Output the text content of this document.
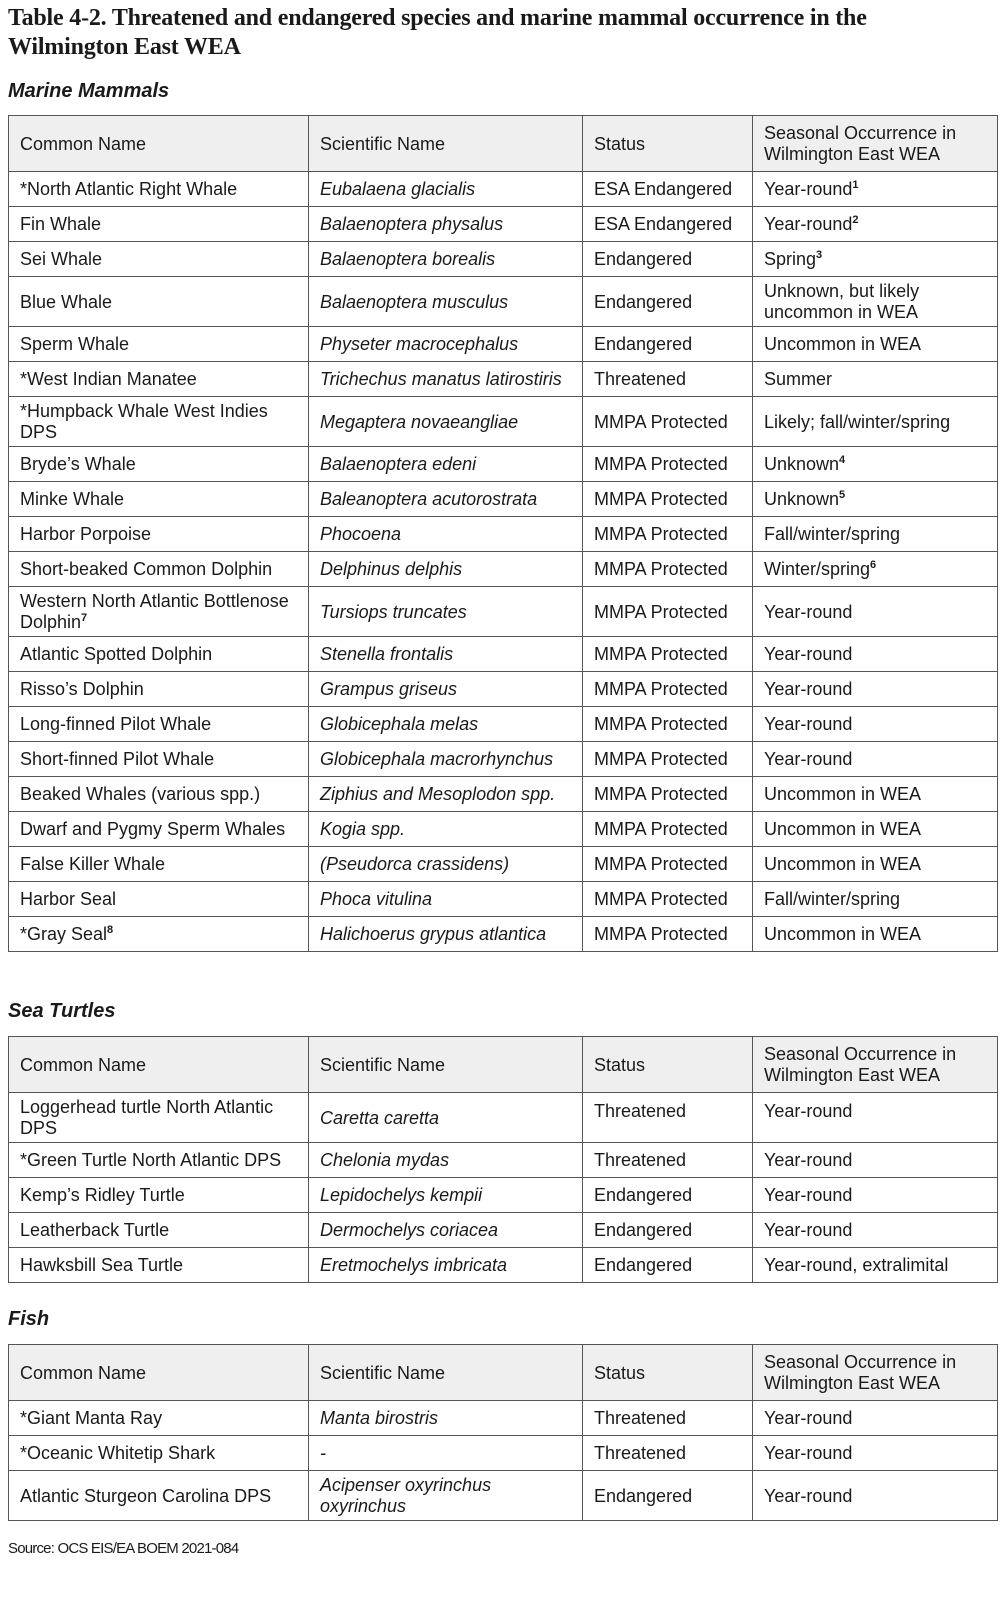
Table 4-2. Threatened and endangered species and marine mammal occurrence in the Wilmington East WEA
Marine Mammals
Common Name	Scientific Name	Status	Seasonal Occurrence in Wilmington East WEA
*North Atlantic Right Whale	Eubalaena glacialis	ESA Endangered	Year-round$^1$
Fin Whale	Balaenoptera physalus	ESA Endangered	Year-round$^2$
Sei Whale	Balaenoptera borealis	Endangered	Spring$^3$
Blue Whale	Balaenoptera musculus	Endangered	Unknown, but likely uncommon in WEA
Sperm Whale	Physeter macrocephalus	Endangered	Uncommon in WEA
*West Indian Manatee	Trichechus manatus latirostiris	Threatened	Summer
*Humpback Whale West Indies DPS	Megaptera novaeangliae	MMPA Protected	Likely; fall/winter/spring
Bryde’s Whale	Balaenoptera edeni	MMPA Protected	Unknown$^4$
Minke Whale	Baleanoptera acutorostrata	MMPA Protected	Unknown$^5$
Harbor Porpoise	Phocoena	MMPA Protected	Fall/winter/spring
Short-beaked Common Dolphin	Delphinus delphis	MMPA Protected	Winter/spring$^6$
Western North Atlantic Bottlenose Dolphin$^7$	Tursiops truncates	MMPA Protected	Year-round
Atlantic Spotted Dolphin	Stenella frontalis	MMPA Protected	Year-round
Risso’s Dolphin	Grampus griseus	MMPA Protected	Year-round
Long-finned Pilot Whale	Globicephala melas	MMPA Protected	Year-round
Short-finned Pilot Whale	Globicephala macrorhynchus	MMPA Protected	Year-round
Beaked Whales (various spp.)	Ziphius and Mesoplodon spp.	MMPA Protected	Uncommon in WEA
Dwarf and Pygmy Sperm Whales	Kogia spp.	MMPA Protected	Uncommon in WEA
False Killer Whale	(Pseudorca crassidens)	MMPA Protected	Uncommon in WEA
Harbor Seal	Phoca vitulina	MMPA Protected	Fall/winter/spring
*Gray Seal$^8$	Halichoerus grypus atlantica	MMPA Protected	Uncommon in WEA
Sea Turtles
Common Name	Scientific Name	Status	Seasonal Occurrence in Wilmington East WEA
Loggerhead turtle North Atlantic DPS	Caretta caretta	Threatened	Year-round
*Green Turtle North Atlantic DPS	Chelonia mydas	Threatened	Year-round
Kemp’s Ridley Turtle	Lepidochelys kempii	Endangered	Year-round
Leatherback Turtle	Dermochelys coriacea	Endangered	Year-round
Hawksbill Sea Turtle	Eretmochelys imbricata	Endangered	Year-round, extralimital
Fish
Common Name	Scientific Name	Status	Seasonal Occurrence in Wilmington East WEA
*Giant Manta Ray	Manta birostris	Threatened	Year-round
*Oceanic Whitetip Shark	-	Threatened	Year-round
Atlantic Sturgeon Carolina DPS	Acipenser oxyrinchus oxyrinchus	Endangered	Year-round
Source: OCS EIS/EA BOEM 2021-084
